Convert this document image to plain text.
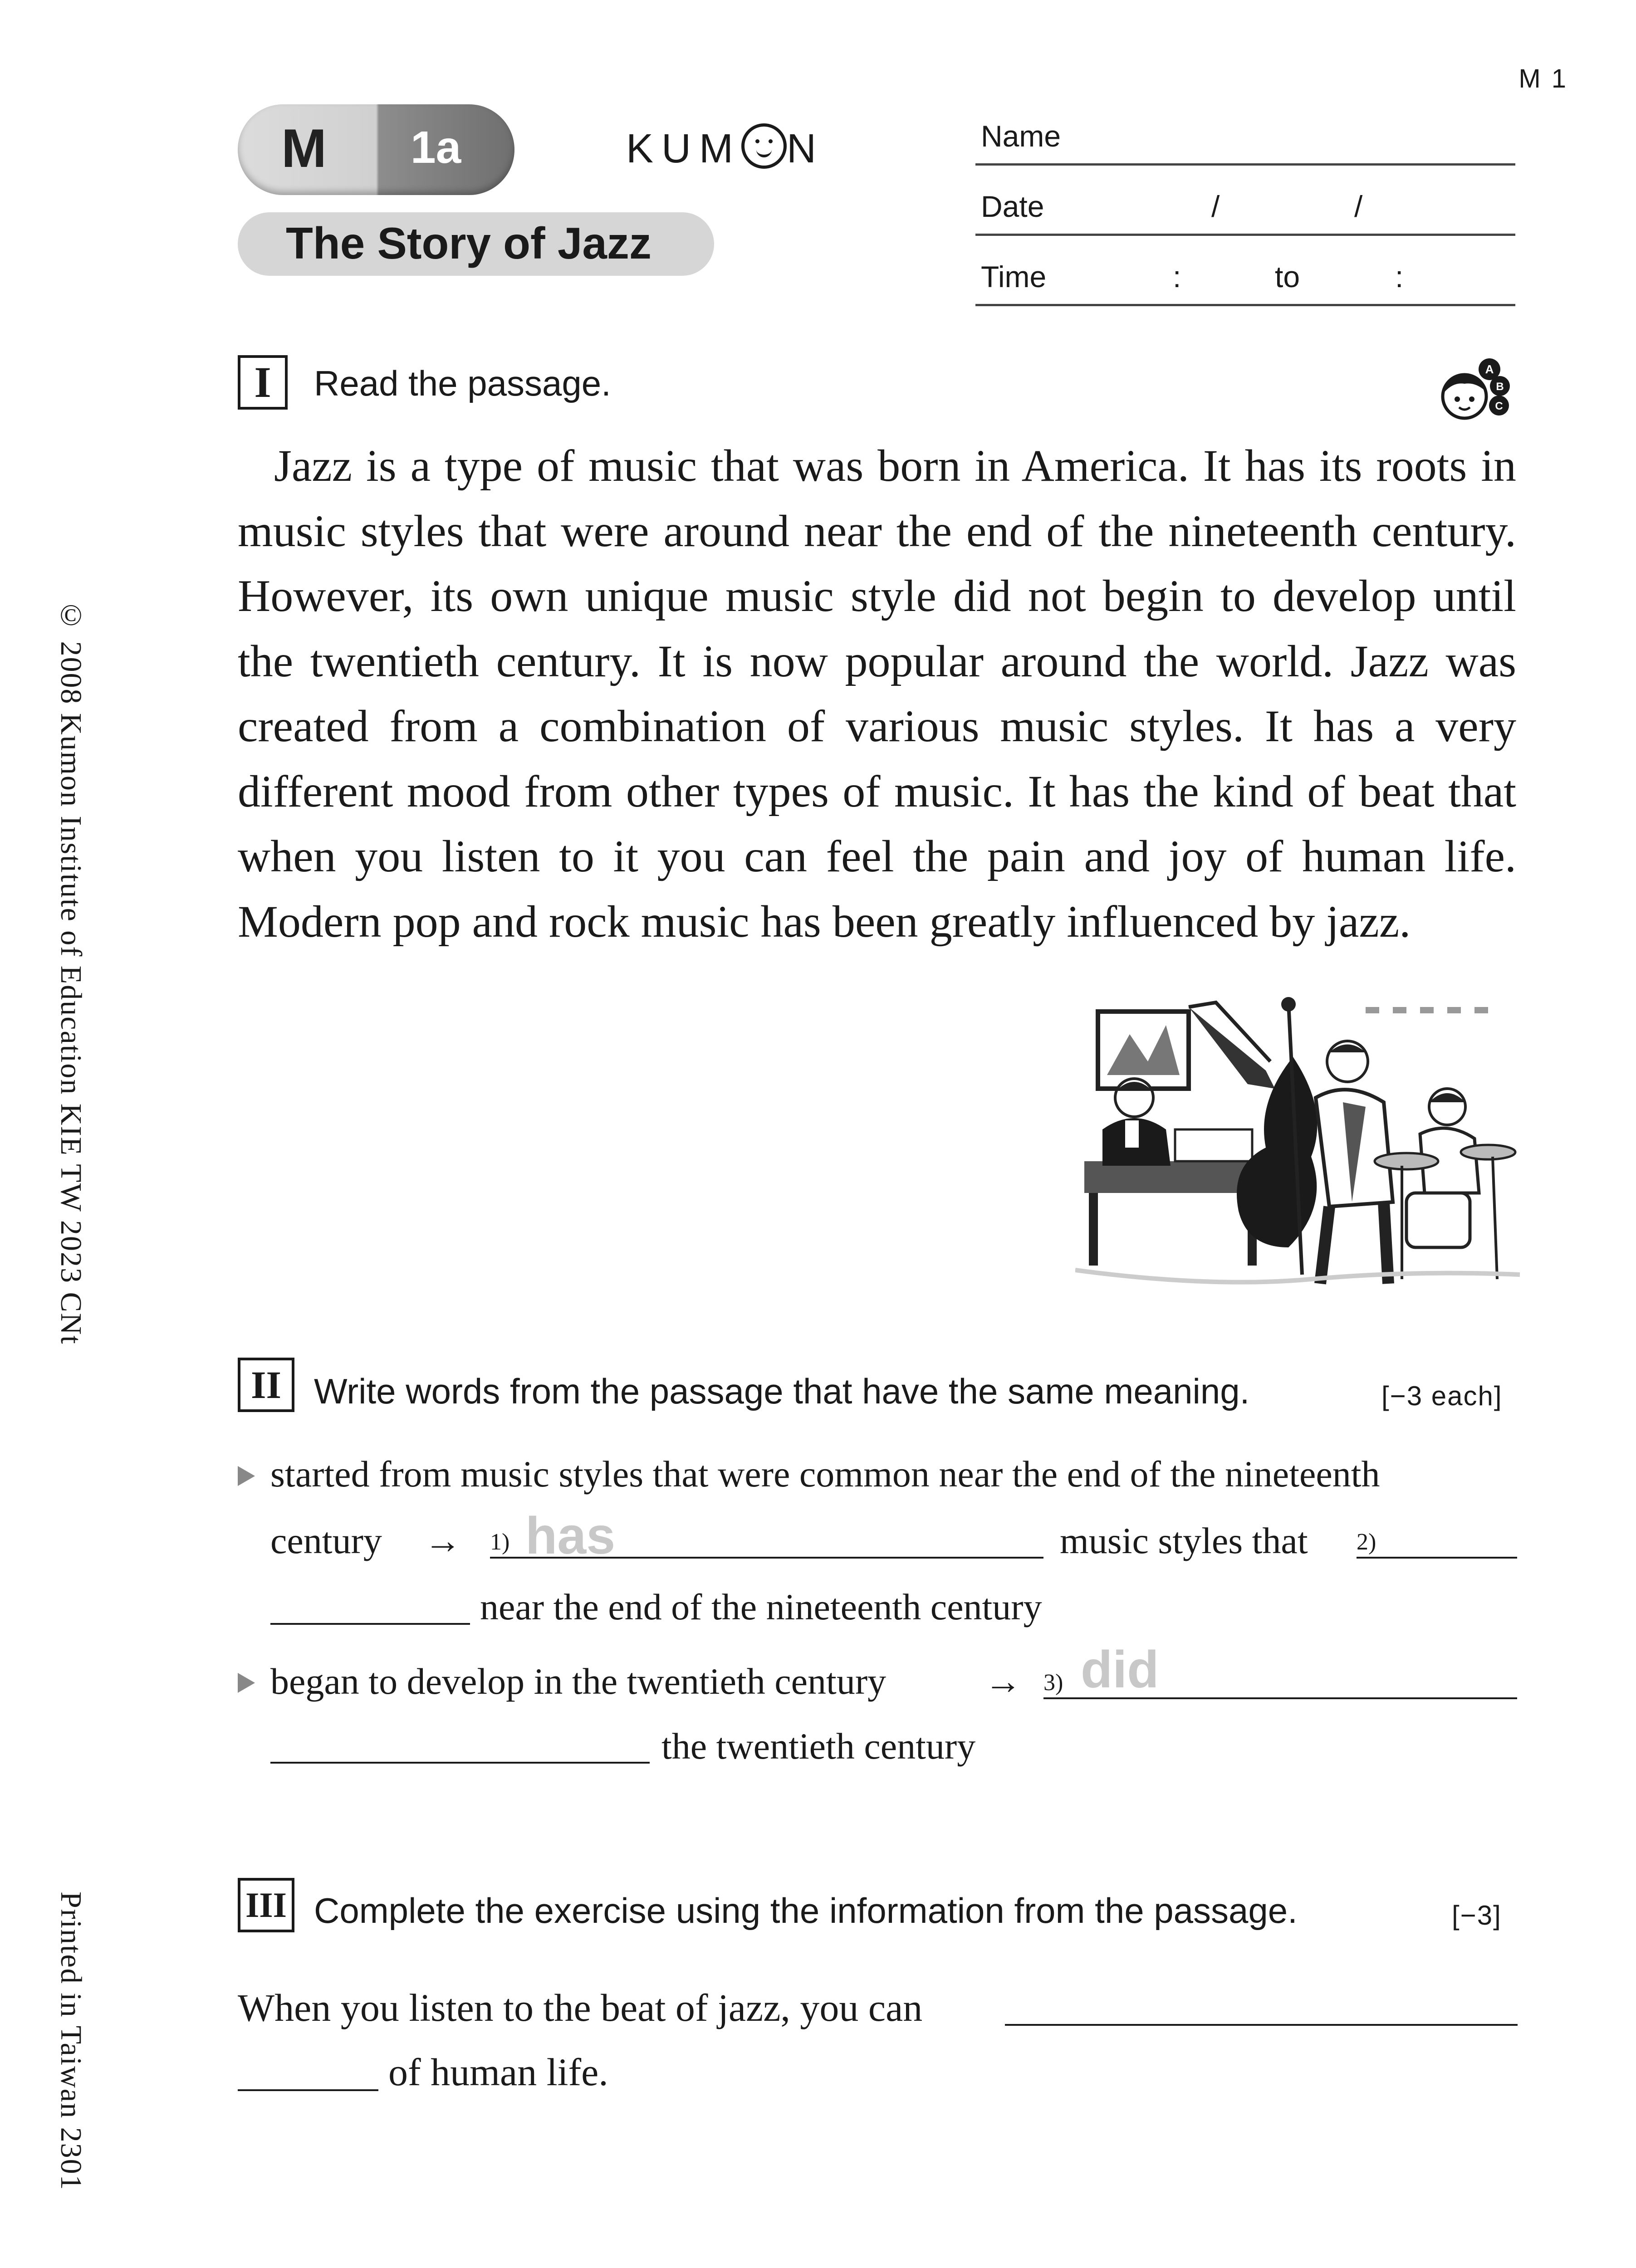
M 1
M 1a	KUM N
The Story of Jazz
Name
Date	/	/
Time	:	to	:
I	Read the passage.	A
B
C
Jazz is a type of music that was born in America. It has its roots in music styles that were around near the end of the nineteenth century. However, its own unique music style did not begin to develop until the twentieth century. It is now popular around the world. Jazz was created from a combination of various music styles. It has a very different mood from other types of music. It has the kind of beat that when you listen to it you can feel the pain and joy of human life. Modern pop and rock music has been greatly influenced by jazz.
II Write words from the passage that have the same meaning.	[−3 each]
started from music styles that were common near the end of the nineteenth
century → 1) has	music styles that 2)
near the end of the nineteenth century
began to develop in the twentieth century	→ 3) did
the twentieth century
III Complete the exercise using the information from the passage.	[−3]
When you listen to the beat of jazz, you can
of human life.
© 2008 Kumon Institute of Education KIE TW 2023 CNt
Printed in Taiwan 2301
